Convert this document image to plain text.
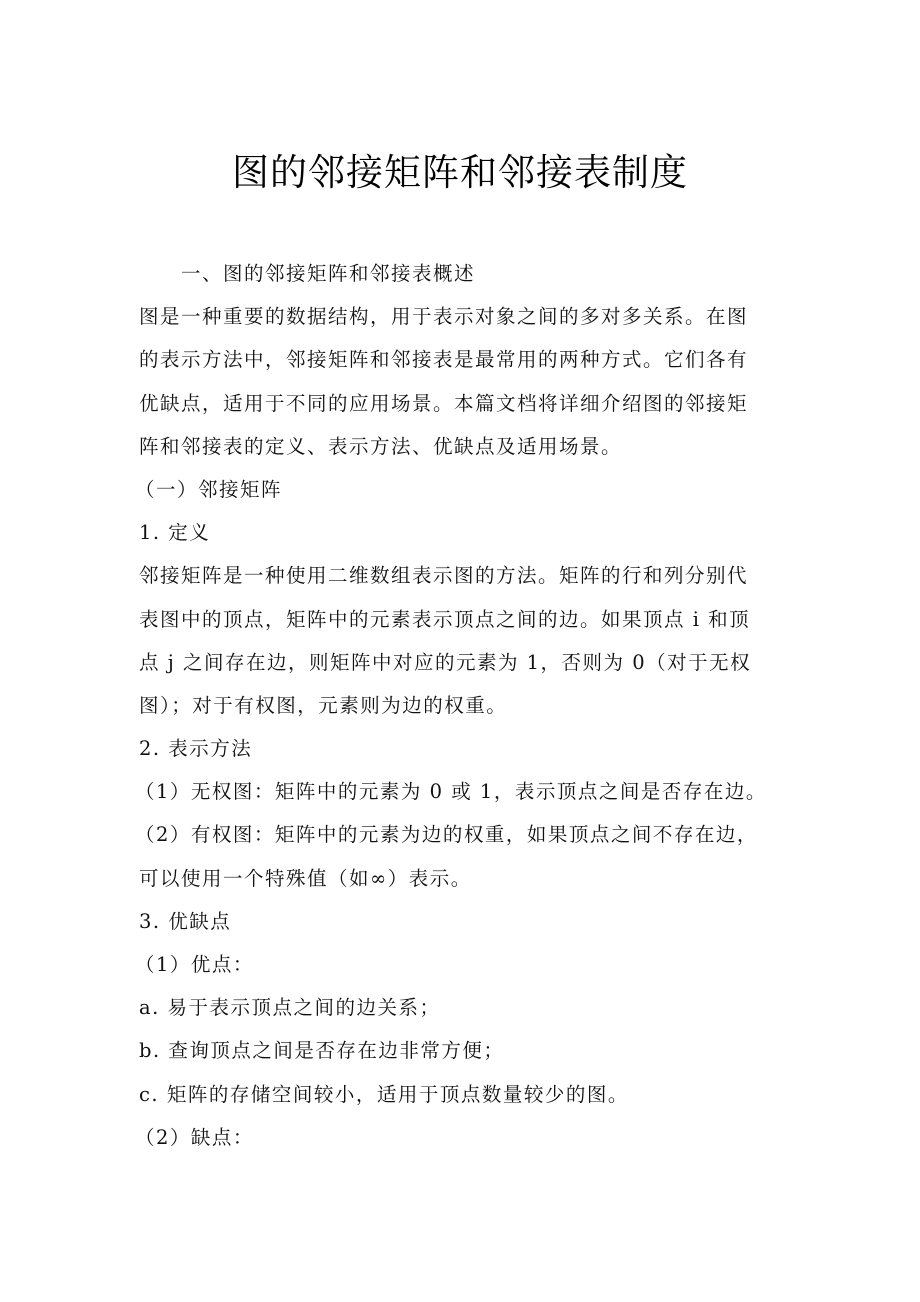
图的邻接矩阵和邻接表制度
一、图的邻接矩阵和邻接表概述
图是一种重要的数据结构，用于表示对象之间的多对多关系。在图
的表示方法中，邻接矩阵和邻接表是最常用的两种方式。它们各有
优缺点，适用于不同的应用场景。本篇文档将详细介绍图的邻接矩
阵和邻接表的定义、表示方法、优缺点及适用场景。
（一）邻接矩阵
1. 定义
邻接矩阵是一种使用二维数组表示图的方法。矩阵的行和列分别代
表图中的顶点，矩阵中的元素表示顶点之间的边。如果顶点 i 和顶
点 j 之间存在边，则矩阵中对应的元素为 1，否则为 0（对于无权
图）；对于有权图，元素则为边的权重。
2. 表示方法
（1）无权图：矩阵中的元素为 0 或 1，表示顶点之间是否存在边。
（2）有权图：矩阵中的元素为边的权重，如果顶点之间不存在边，
可以使用一个特殊值（如∞）表示。
3. 优缺点
（1）优点：
a. 易于表示顶点之间的边关系；
b. 查询顶点之间是否存在边非常方便；
c. 矩阵的存储空间较小，适用于顶点数量较少的图。
（2）缺点：
